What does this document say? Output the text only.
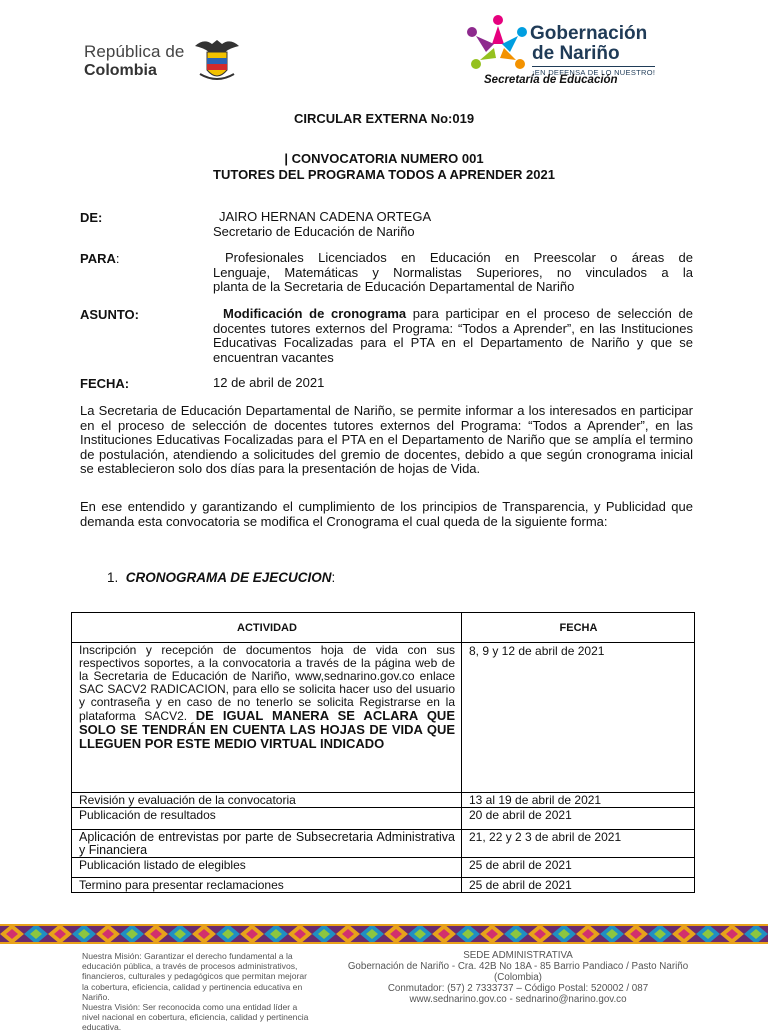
República de
Colombia
Gobernación
de Nariño
¡EN DEFENSA DE LO NUESTRO!
Secretaría de Educación
CIRCULAR EXTERNA No:019
| CONVOCATORIA NUMERO 001
TUTORES DEL PROGRAMA TODOS A APRENDER 2021
DE:	JAIRO HERNAN CADENA ORTEGA
Secretario de Educación de Nariño
PARA:	Profesionales Licenciados en Educación en Preescolar o áreas de
Lenguaje, Matemáticas y Normalistas Superiores, no vinculados a la
planta de la Secretaria de Educación Departamental de Nariño
ASUNTO:	Modificación de cronograma para participar en el proceso de selección de docentes tutores externos del Programa: “Todos a Aprender”, en las Instituciones Educativas Focalizadas para el PTA en el Departamento de Nariño y que se encuentran vacantes
FECHA:	12 de abril de 2021
La Secretaria de Educación Departamental de Nariño, se permite informar a los interesados en participar en el proceso de selección de docentes tutores externos del Programa: “Todos a Aprender”, en las Instituciones Educativas Focalizadas para el PTA en el Departamento de Nariño que se amplía el termino de postulación, atendiendo a solicitudes del gremio de docentes, debido a que según cronograma inicial se establecieron solo dos días para la presentación de hojas de Vida.
En ese entendido y garantizando el cumplimiento de los principios de Transparencia, y Publicidad que demanda esta convocatoria se modifica el Cronograma el cual queda de la siguiente forma:
1. CRONOGRAMA DE EJECUCION:
ACTIVIDAD	FECHA
Inscripción y recepción de documentos hoja de vida con sus respectivos soportes, a la convocatoria a través de la página web de la Secretaria de Educación de Nariño, www,sednarino.gov.co enlace SAC SACV2 RADICACION, para ello se solicita hacer uso del usuario y contraseña y en caso de no tenerlo se solicita Registrarse en la plataforma SACV2. DE IGUAL MANERA SE ACLARA QUE SOLO SE TENDRÁN EN CUENTA LAS HOJAS DE VIDA QUE LLEGUEN POR ESTE MEDIO VIRTUAL INDICADO	8, 9 y 12 de abril de 2021
Revisión y evaluación de la convocatoria	13 al 19 de abril de 2021
Publicación de resultados	20 de abril de 2021
Aplicación de entrevistas por parte de Subsecretaria Administrativa y Financiera	21, 22 y 2 3 de abril de 2021
Publicación listado de elegibles	25 de abril de 2021
Termino para presentar reclamaciones	25 de abril de 2021
Nuestra Misión: Garantizar el derecho fundamental a la educación pública, a través de procesos administrativos, financieros, culturales y pedagógicos que permitan mejorar la cobertura, eficiencia, calidad y pertinencia educativa en Nariño.
Nuestra Visión: Ser reconocida como una entidad líder a nivel nacional en cobertura, eficiencia, calidad y pertinencia educativa.
SEDE ADMINISTRATIVA
Gobernación de Nariño - Cra. 42B No 18A - 85 Barrio Pandiaco / Pasto Nariño (Colombia)
Conmutador: (57) 2 7333737 – Código Postal: 520002 / 087
www.sednarino.gov.co - sednarino@narino.gov.co
